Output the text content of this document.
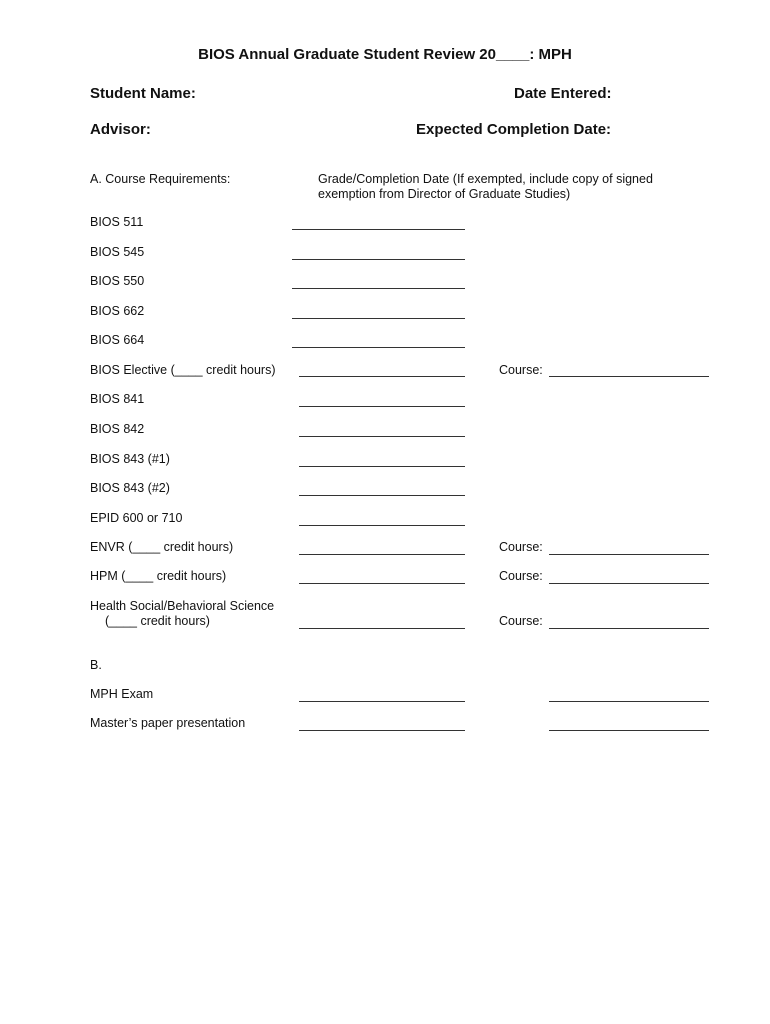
BIOS Annual Graduate Student Review 20____: MPH
Student Name:	Date Entered:
Advisor:	Expected Completion Date:
A. Course Requirements:	Grade/Completion Date (If exempted, include copy of signed
exemption from Director of Graduate Studies)
BIOS 511
BIOS 545
BIOS 550
BIOS 662
BIOS 664
BIOS Elective (____ credit hours)	Course:
BIOS 841
BIOS 842
BIOS 843 (#1)
BIOS 843 (#2)
EPID 600 or 710
ENVR (____ credit hours)	Course:
HPM (____ credit hours)	Course:
Health Social/Behavioral Science
(____ credit hours)	Course:
B.
MPH Exam
Master’s paper presentation
